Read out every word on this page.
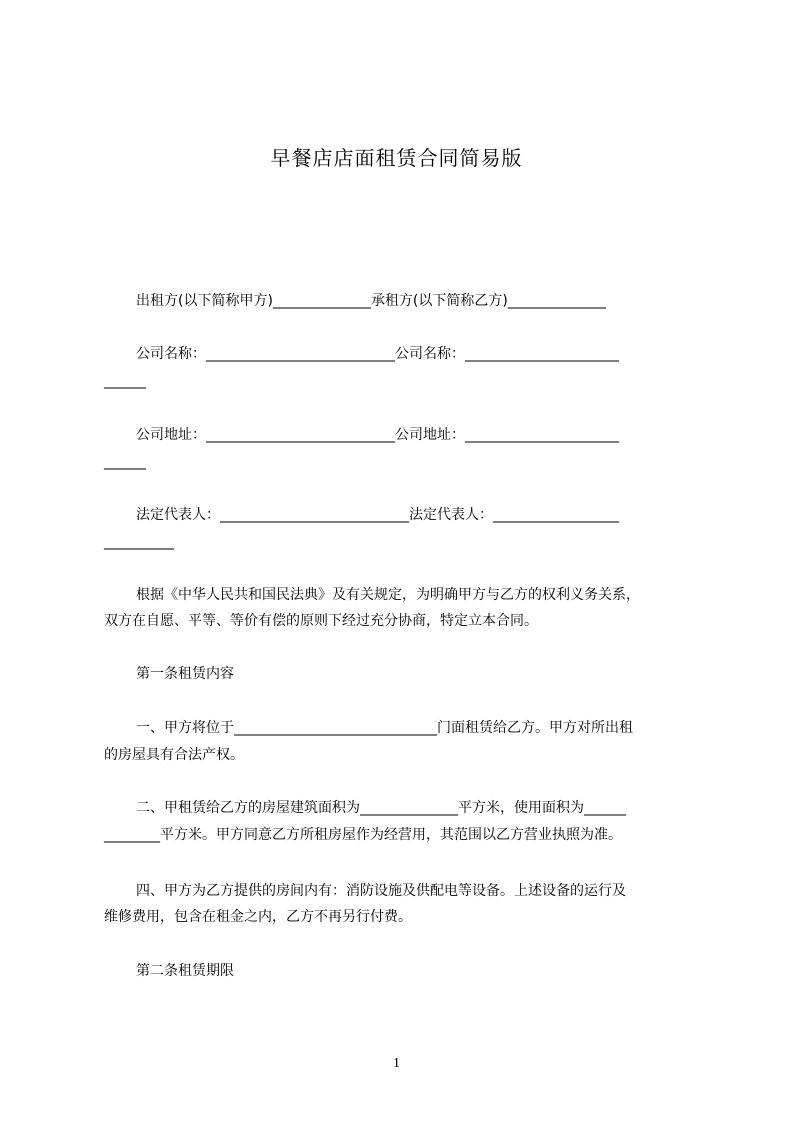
早餐店店面租赁合同简易版
出租方(以下简称甲方)______________承租方(以下简称乙方)______________
公司名称：___________________________公司名称：______________________
______
公司地址：___________________________公司地址：______________________
______
法定代表人：___________________________法定代表人：__________________
__________
根据《中华人民共和国民法典》及有关规定，为明确甲方与乙方的权利义务关系，
双方在自愿、平等、等价有偿的原则下经过充分协商，特定立本合同。
第一条租赁内容
一、甲方将位于_____________________________门面租赁给乙方。甲方对所出租
的房屋具有合法产权。
二、甲租赁给乙方的房屋建筑面积为______________平方米，使用面积为______
________平方米。甲方同意乙方所租房屋作为经营用，其范围以乙方营业执照为准。
四、甲方为乙方提供的房间内有：消防设施及供配电等设备。上述设备的运行及
维修费用，包含在租金之内，乙方不再另行付费。
第二条租赁期限
1
